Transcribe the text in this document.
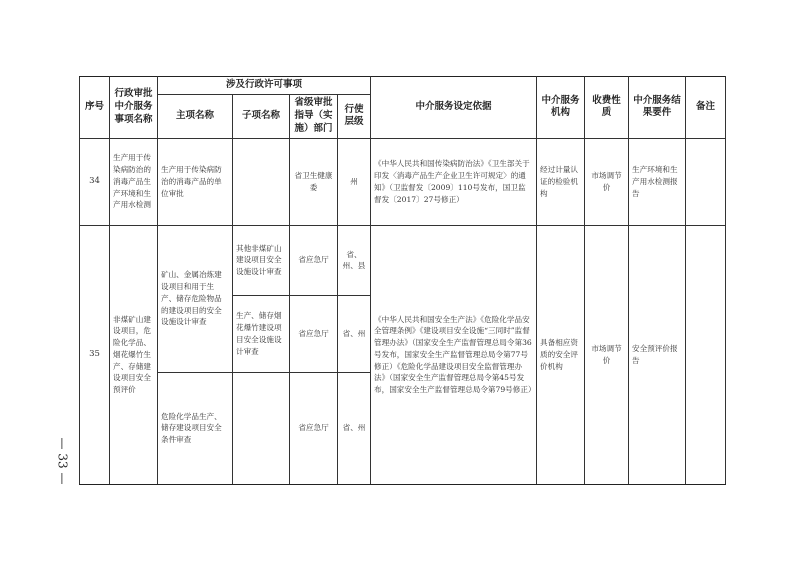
— 33 —
序号	行政审批中介服务事项名称	涉及行政许可事项				中介服务设定依据	中介服务机构	收费性质	中介服务结果要件	备注
		主项名称	子项名称	省级审批指导（实施）部门	行使层级					
34	生产用于传染病防治的消毒产品生产环境和生产用水检测	生产用于传染病防治的消毒产品的单位审批		省卫生健康委	州	《中华人民共和国传染病防治法》《卫生部关于印发〈消毒产品生产企业卫生许可规定〉的通知》（卫监督发〔2009〕110号发布，国卫监督发〔2017〕27号修正）	经过计量认证的检验机构	市场调节价	生产环境和生产用水检测报告	
35	非煤矿山建设项目，危险化学品、烟花爆竹生产、存储建设项目安全预评价	矿山、金属冶炼建设项目和用于生产、储存危险物品的建设项目的安全设施设计审查	其他非煤矿山建设项目安全设施设计审查	省应急厅	省、州、县	《中华人民共和国安全生产法》《危险化学品安全管理条例》《建设项目安全设施“三同时”监督管理办法》（国家安全生产监督管理总局令第36号发布，国家安全生产监督管理总局令第77号修正）《危险化学品建设项目安全监督管理办法》（国家安全生产监督管理总局令第45号发布，国家安全生产监督管理总局令第79号修正）	具备相应资质的安全评价机构	市场调节价	安全预评价报告	
			生产、储存烟花爆竹建设项目安全设施设计审查	省应急厅	省、州					
		危险化学品生产、储存建设项目安全条件审查		省应急厅	省、州					
